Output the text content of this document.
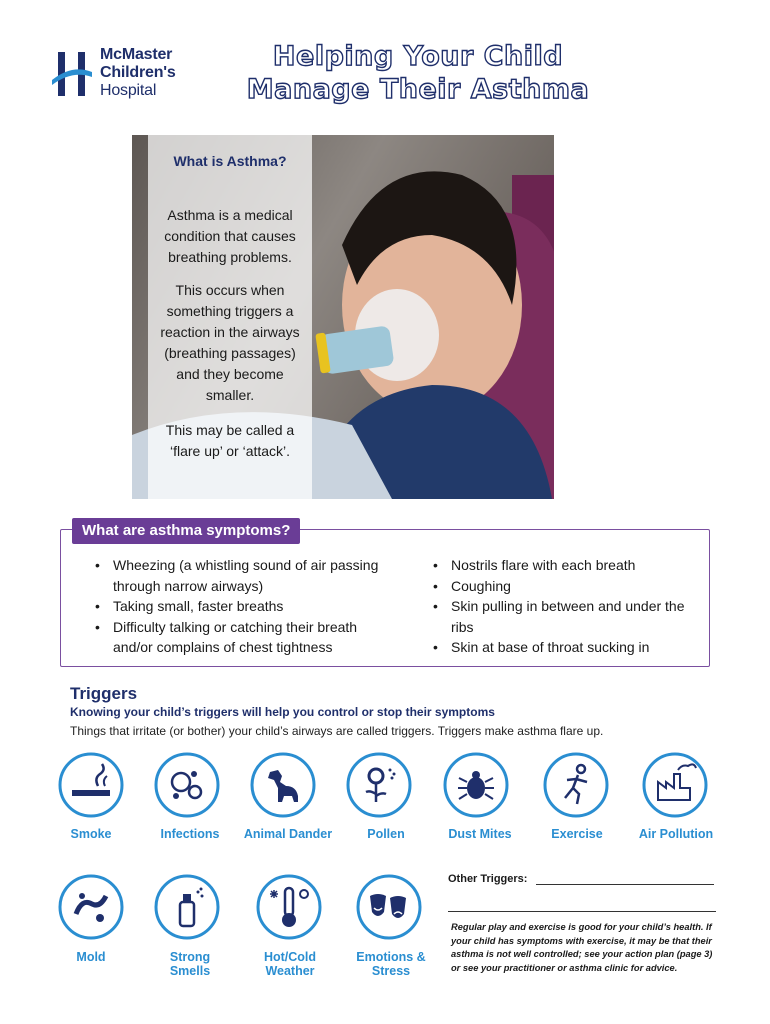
McMaster
Children's
Hospital
Helping Your Child
Manage Their Asthma
What is Asthma?
Asthma is a medical condition that causes breathing problems.
This occurs when something triggers a reaction in the airways (breathing passages) and they become smaller.
This may be called a ‘flare up’ or ‘attack’.
• Wheezing (a whistling sound of air passing through narrow airways)
• Taking small, faster breaths
• Difficulty talking or catching their breath and/or complains of chest tightness
• Nostrils flare with each breath
• Coughing
• Skin pulling in between and under the ribs
• Skin at base of throat sucking in
What are asthma symptoms?
Triggers
Knowing your child’s triggers will help you control or stop their symptoms
Things that irritate (or bother) your child’s airways are called triggers. Triggers make asthma flare up.
Smoke	Infections	Animal Dander	Pollen	Dust Mites	Exercise	Air Pollution
Mold	Strong Smells
Hot/Cold Weather
Emotions & Stress
Other Triggers:
Regular play and exercise is good for your child’s health. If your child has symptoms with exercise, it may be that their asthma is not well controlled; see your action plan (page 3) or see your practitioner or asthma clinic for advice.
